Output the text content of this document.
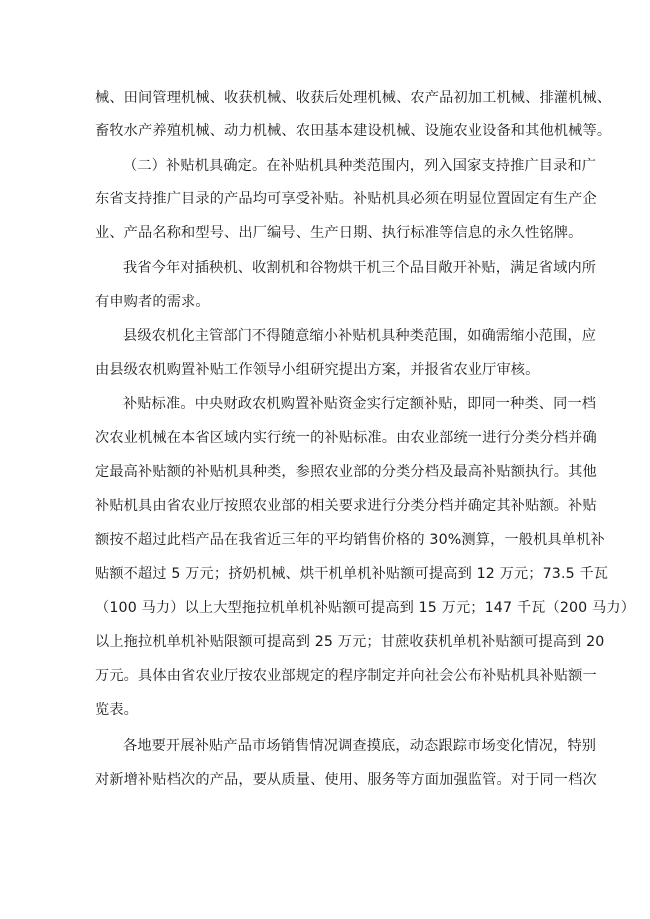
械、田间管理机械、收获机械、收获后处理机械、农产品初加工机械、排灌机械、
畜牧水产养殖机械、动力机械、农田基本建设机械、设施农业设备和其他机械等。
（二）补贴机具确定。在补贴机具种类范围内，列入国家支持推广目录和广
东省支持推广目录的产品均可享受补贴。补贴机具必须在明显位置固定有生产企
业、产品名称和型号、出厂编号、生产日期、执行标准等信息的永久性铭牌。
我省今年对插秧机、收割机和谷物烘干机三个品目敞开补贴，满足省域内所
有申购者的需求。
县级农机化主管部门不得随意缩小补贴机具种类范围，如确需缩小范围，应
由县级农机购置补贴工作领导小组研究提出方案，并报省农业厅审核。
补贴标准。中央财政农机购置补贴资金实行定额补贴，即同一种类、同一档
次农业机械在本省区域内实行统一的补贴标准。由农业部统一进行分类分档并确
定最高补贴额的补贴机具种类，参照农业部的分类分档及最高补贴额执行。其他
补贴机具由省农业厅按照农业部的相关要求进行分类分档并确定其补贴额。补贴
额按不超过此档产品在我省近三年的平均销售价格的 30%测算，一般机具单机补
贴额不超过 5 万元；挤奶机械、烘干机单机补贴额可提高到 12 万元；73.5 千瓦
（100 马力）以上大型拖拉机单机补贴额可提高到 15 万元；147 千瓦（200 马力）
以上拖拉机单机补贴限额可提高到 25 万元；甘蔗收获机单机补贴额可提高到 20
万元。具体由省农业厅按农业部规定的程序制定并向社会公布补贴机具补贴额一
览表。
各地要开展补贴产品市场销售情况调查摸底，动态跟踪市场变化情况，特别
对新增补贴档次的产品，要从质量、使用、服务等方面加强监管。对于同一档次
